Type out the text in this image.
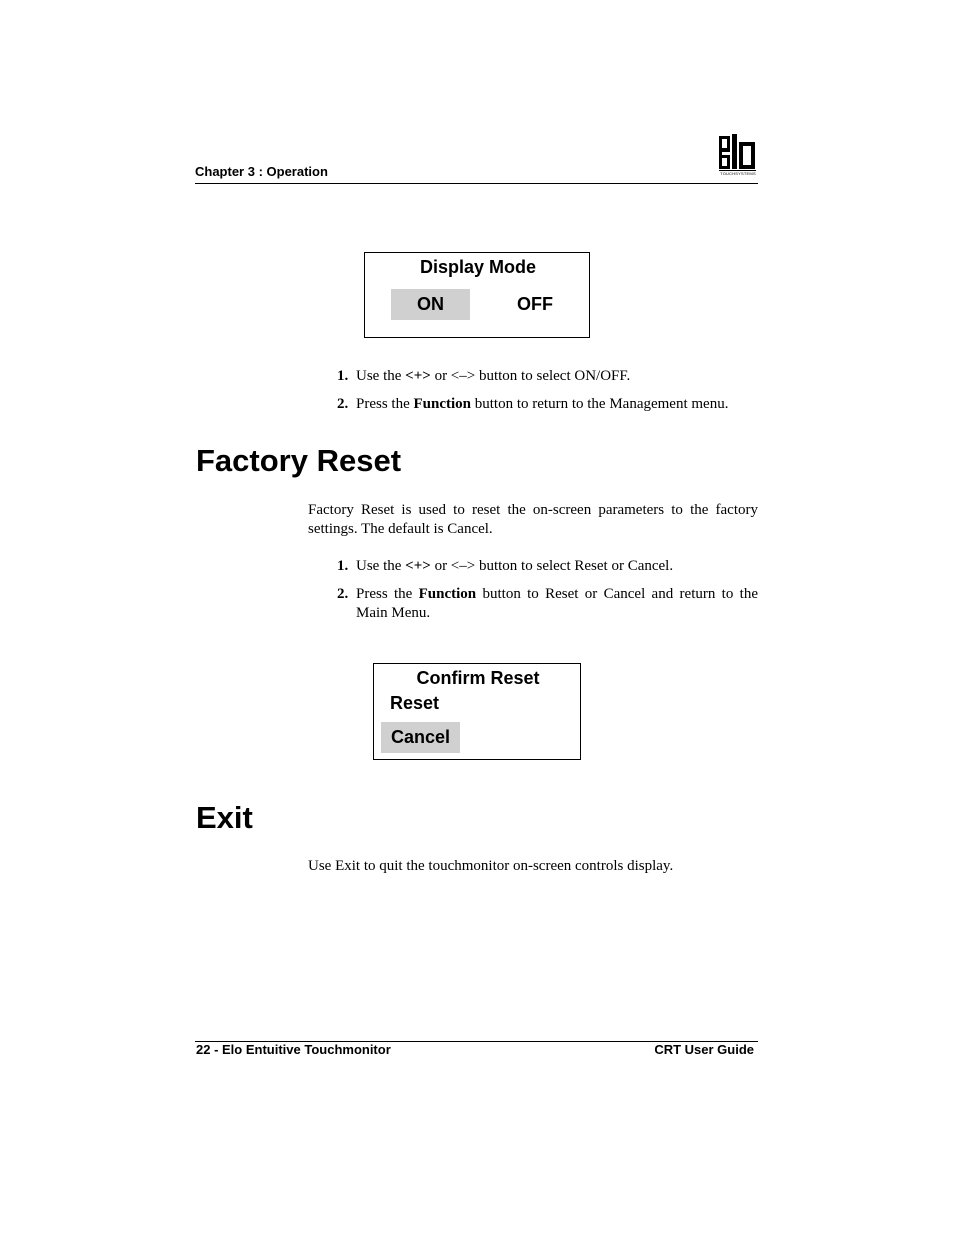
Chapter 3 : Operation	TOUCHSYSTEMS
Display Mode
ON	OFF
1. Use the <+> or <–> button to select ON/OFF.
2. Press the Function button to return to the Management menu.
Factory Reset
Factory Reset is used to reset the on-screen parameters to the factory settings. The default is Cancel.
1. Use the <+> or <–> button to select Reset or Cancel.
2. Press the Function button to Reset or Cancel and return to the Main Menu.
Confirm Reset
Reset
Cancel
Exit
Use Exit to quit the touchmonitor on-screen controls display.
22 - Elo Entuitive Touchmonitor	CRT User Guide
